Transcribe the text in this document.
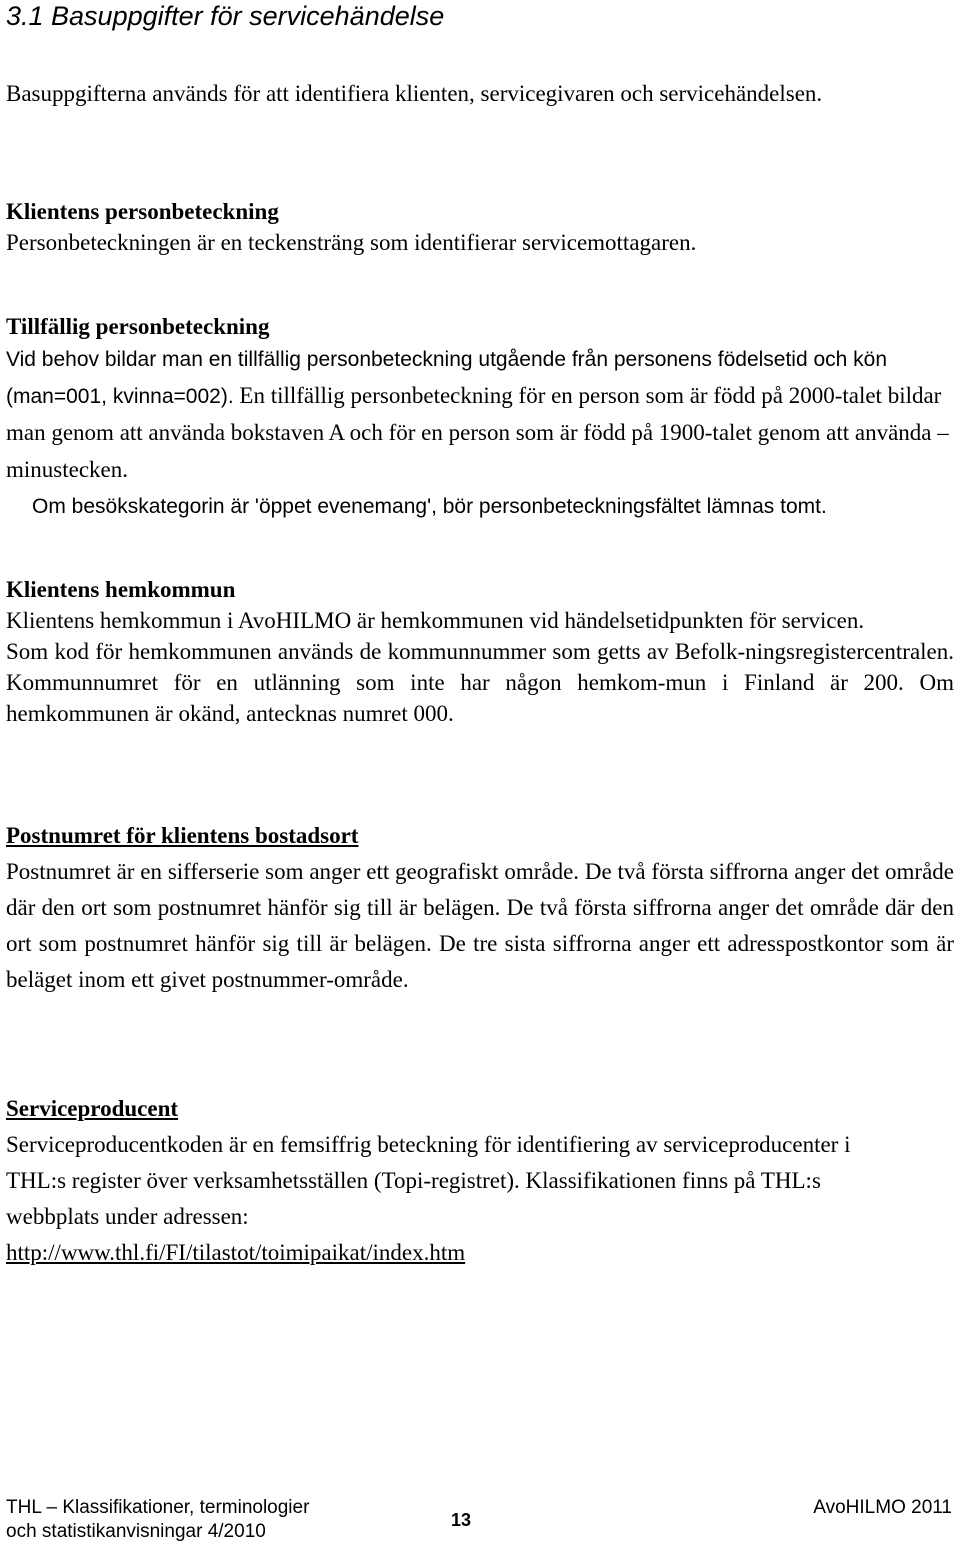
3.1 Basuppgifter för servicehändelse

Basuppgifterna används för att identifiera klienten, servicegivaren och servicehändelsen.

Klientens personbeteckning

Personbeteckningen är en teckensträng som identifierar servicemottagaren.

Tillfällig personbeteckning

Vid behov bildar man en tillfällig personbeteckning utgående från personens födelsetid och kön (man=001, kvinna=002). En tillfällig personbeteckning för en person som är född på 2000-talet bildar man genom att använda bokstaven A och för en person som är född på 1900-talet genom att använda – minustecken.

Om besökskategorin är 'öppet evenemang', bör personbeteckningsfältet lämnas tomt.

Klientens hemkommun

Klientens hemkommun i AvoHILMO är hemkommunen vid händelsetidpunkten för servicen.

Som kod för hemkommunen används de kommunnummer som getts av Befolk-ningsregistercentralen. Kommunnumret för en utlänning som inte har någon hemkom-mun i Finland är 200. Om hemkommunen är okänd, antecknas numret 000.

Postnumret för klientens bostadsort

Postnumret är en sifferserie som anger ett geografiskt område. De två första siffrorna anger det område där den ort som postnumret hänför sig till är belägen. De två första siffrorna anger det område där den ort som postnumret hänför sig till är belägen. De tre sista siffrorna anger ett adresspostkontor som är beläget inom ett givet postnummer-område.

Serviceproducent

Serviceproducentkoden är en femsiffrig beteckning för identifiering av serviceproducenter i THL:s register över verksamhetsställen (Topi-registret). Klassifikationen finns på THL:s webbplats under adressen:

http://www.thl.fi/FI/tilastot/toimipaikat/index.htm

THL – Klassifikationer, terminologier
och statistikanvisningar 4/2010
13
AvoHILMO 2011
